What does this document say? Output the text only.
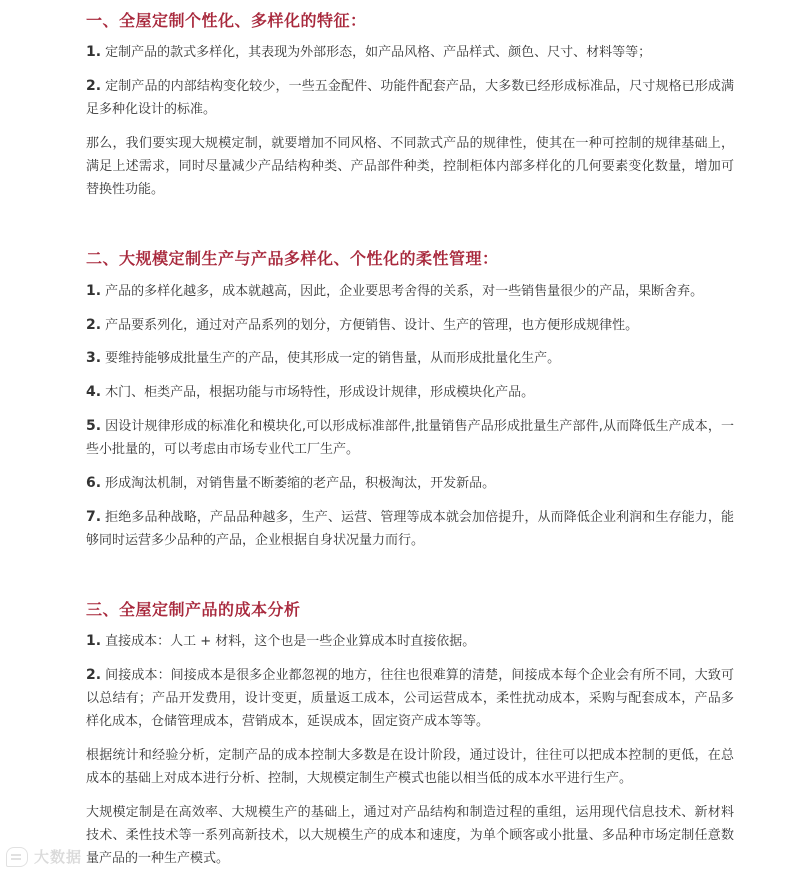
一、全屋定制个性化、多样化的特征：

1. 定制产品的款式多样化，其表现为外部形态，如产品风格、产品样式、颜色、尺寸、材料等等；

2. 定制产品的内部结构变化较少，一些五金配件、功能件配套产品，大多数已经形成标准品，尺寸规格已形成满足多种化设计的标准。

那么，我们要实现大规模定制，就要增加不同风格、不同款式产品的规律性，使其在一种可控制的规律基础上，满足上述需求，同时尽量减少产品结构种类、产品部件种类，控制柜体内部多样化的几何要素变化数量，增加可替换性功能。

二、大规模定制生产与产品多样化、个性化的柔性管理：

1. 产品的多样化越多，成本就越高，因此，企业要思考舍得的关系，对一些销售量很少的产品，果断舍弃。

2. 产品要系列化，通过对产品系列的划分，方便销售、设计、生产的管理，也方便形成规律性。

3. 要维持能够成批量生产的产品，使其形成一定的销售量，从而形成批量化生产。

4. 木门、柜类产品，根据功能与市场特性，形成设计规律，形成模块化产品。

5. 因设计规律形成的标准化和模块化,可以形成标准部件,批量销售产品形成批量生产部件,从而降低生产成本，一些小批量的，可以考虑由市场专业代工厂生产。

6. 形成淘汰机制，对销售量不断萎缩的老产品，积极淘汰，开发新品。

7. 拒绝多品种战略，产品品种越多，生产、运营、管理等成本就会加倍提升，从而降低企业利润和生存能力，能够同时运营多少品种的产品，企业根据自身状况量力而行。

三、全屋定制产品的成本分析

1. 直接成本：人工 + 材料，这个也是一些企业算成本时直接依据。

2. 间接成本：间接成本是很多企业都忽视的地方，往往也很难算的清楚，间接成本每个企业会有所不同，大致可以总结有；产品开发费用，设计变更，质量返工成本，公司运营成本，柔性扰动成本，采购与配套成本，产品多样化成本，仓储管理成本，营销成本，延误成本，固定资产成本等等。

根据统计和经验分析，定制产品的成本控制大多数是在设计阶段，通过设计，往往可以把成本控制的更低，在总成本的基础上对成本进行分析、控制，大规模定制生产模式也能以相当低的成本水平进行生产。

大规模定制是在高效率、大规模生产的基础上，通过对产品结构和制造过程的重组，运用现代信息技术、新材料技术、柔性技术等一系列高新技术，以大规模生产的成本和速度，为单个顾客或小批量、多品种市场定制任意数量产品的一种生产模式。

大数据
